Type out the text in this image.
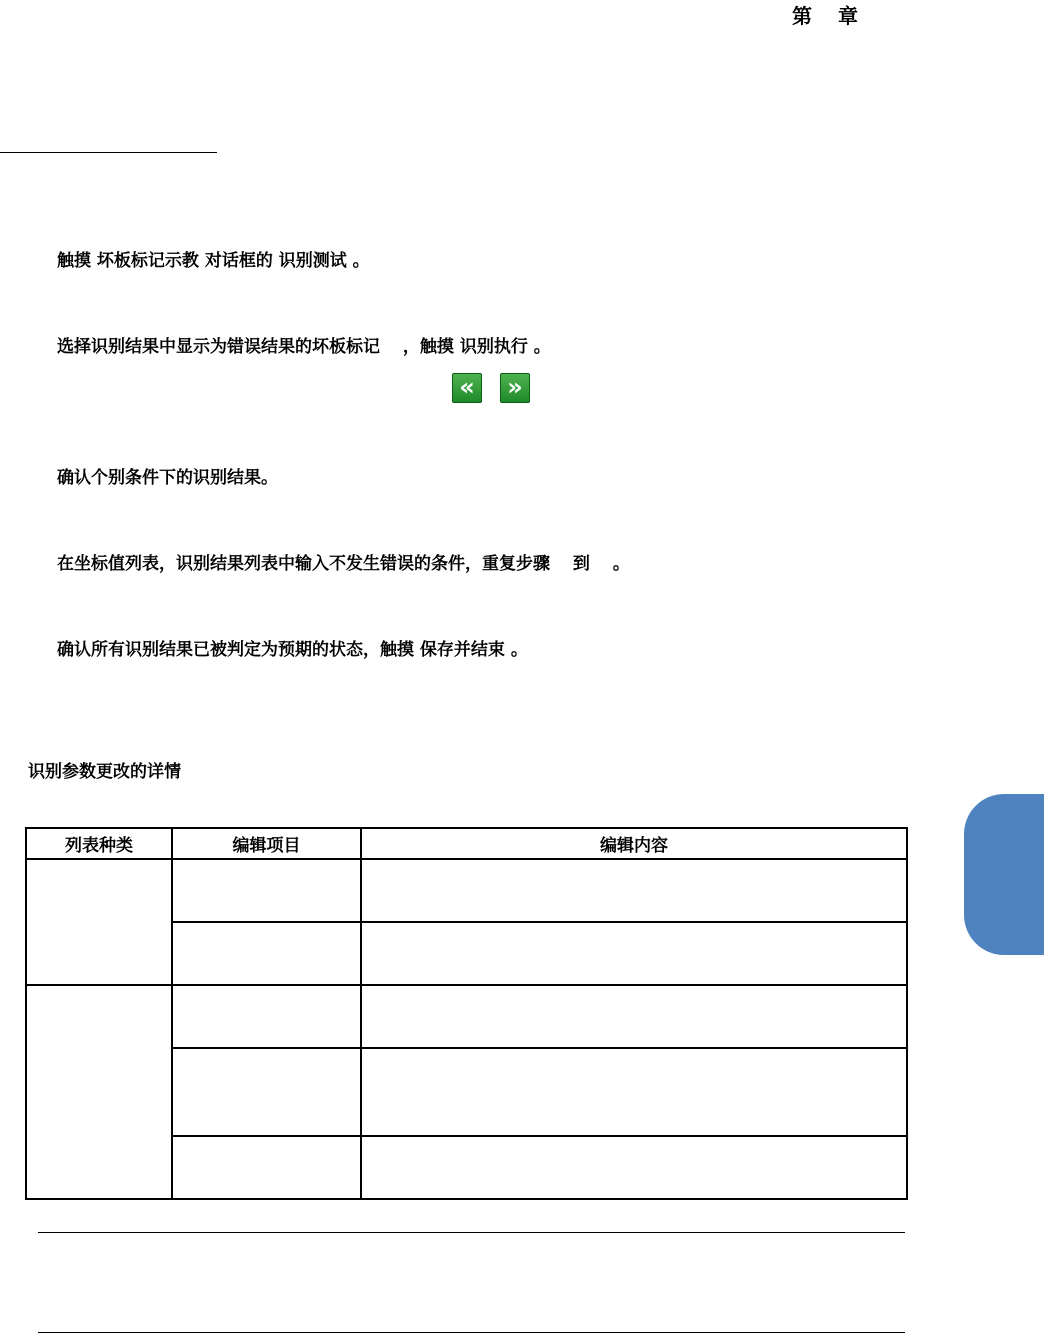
第 章
触摸 坏板标记示教 对话框的 识别测试 。
选择识别结果中显示为错误结果的坏板标记　 ，触摸 识别执行 。
«	»
确认个别条件下的识别结果。
在坐标值列表，识别结果列表中输入不发生错误的条件，重复步骤　 到　 。
确认所有识别结果已被判定为预期的状态，触摸 保存并结束 。
识别参数更改的详情
列表种类	编辑项目	编辑内容
